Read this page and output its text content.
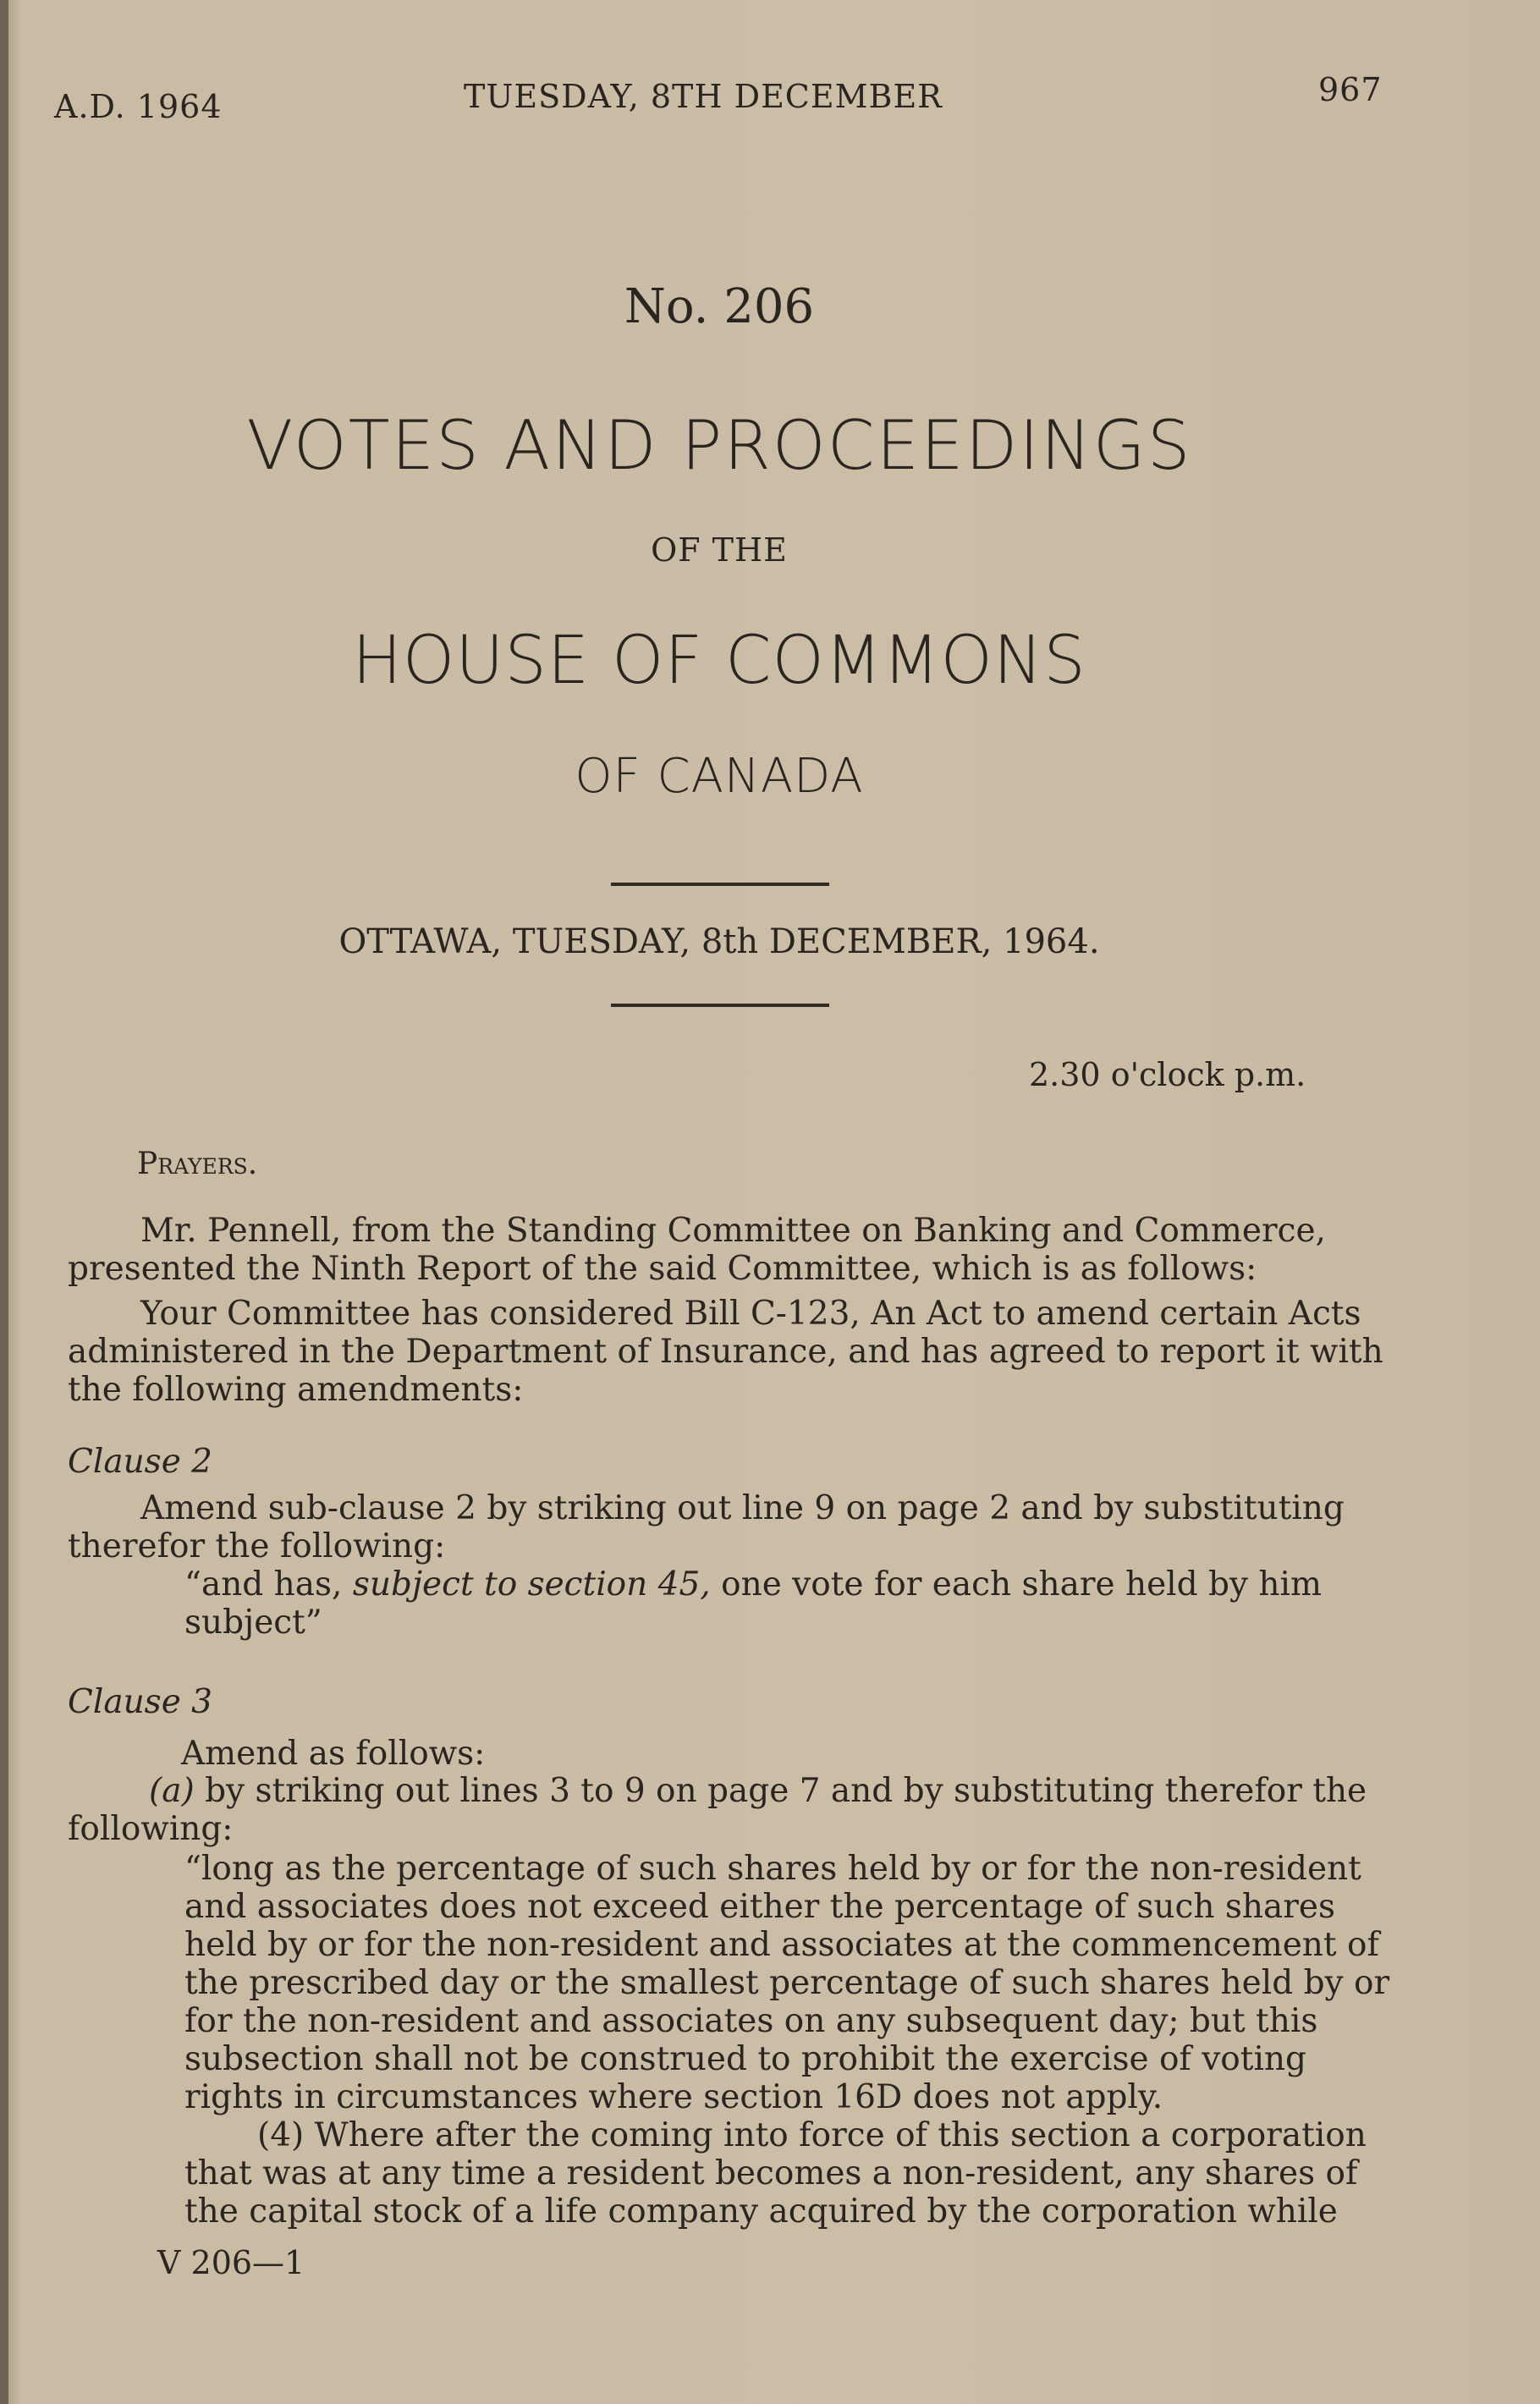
A.D. 1964	TUESDAY, 8TH DECEMBER	967
No. 206
VOTES AND PROCEEDINGS
OF THE
HOUSE OF COMMONS
OF CANADA
OTTAWA, TUESDAY, 8th DECEMBER, 1964.
2.30 o'clock p.m.
Prayers.
Mr. Pennell, from the Standing Committee on Banking and Commerce, presented the Ninth Report of the said Committee, which is as follows:
Your Committee has considered Bill C-123, An Act to amend certain Acts administered in the Department of Insurance, and has agreed to report it with the following amendments:
Clause 2
Amend sub-clause 2 by striking out line 9 on page 2 and by substituting therefor the following:
“and has, subject to section 45, one vote for each share held by him subject”
Clause 3
Amend as follows:
(a) by striking out lines 3 to 9 on page 7 and by substituting therefor the following:
“long as the percentage of such shares held by or for the non-resident and associates does not exceed either the percentage of such shares held by or for the non-resident and associates at the commencement of the prescribed day or the smallest percentage of such shares held by or for the non-resident and associates on any subsequent day; but this subsection shall not be construed to prohibit the exercise of voting rights in circumstances where section 16D does not apply.
(4) Where after the coming into force of this section a corporation that was at any time a resident becomes a non-resident, any shares of the capital stock of a life company acquired by the corporation while
V 206—1
